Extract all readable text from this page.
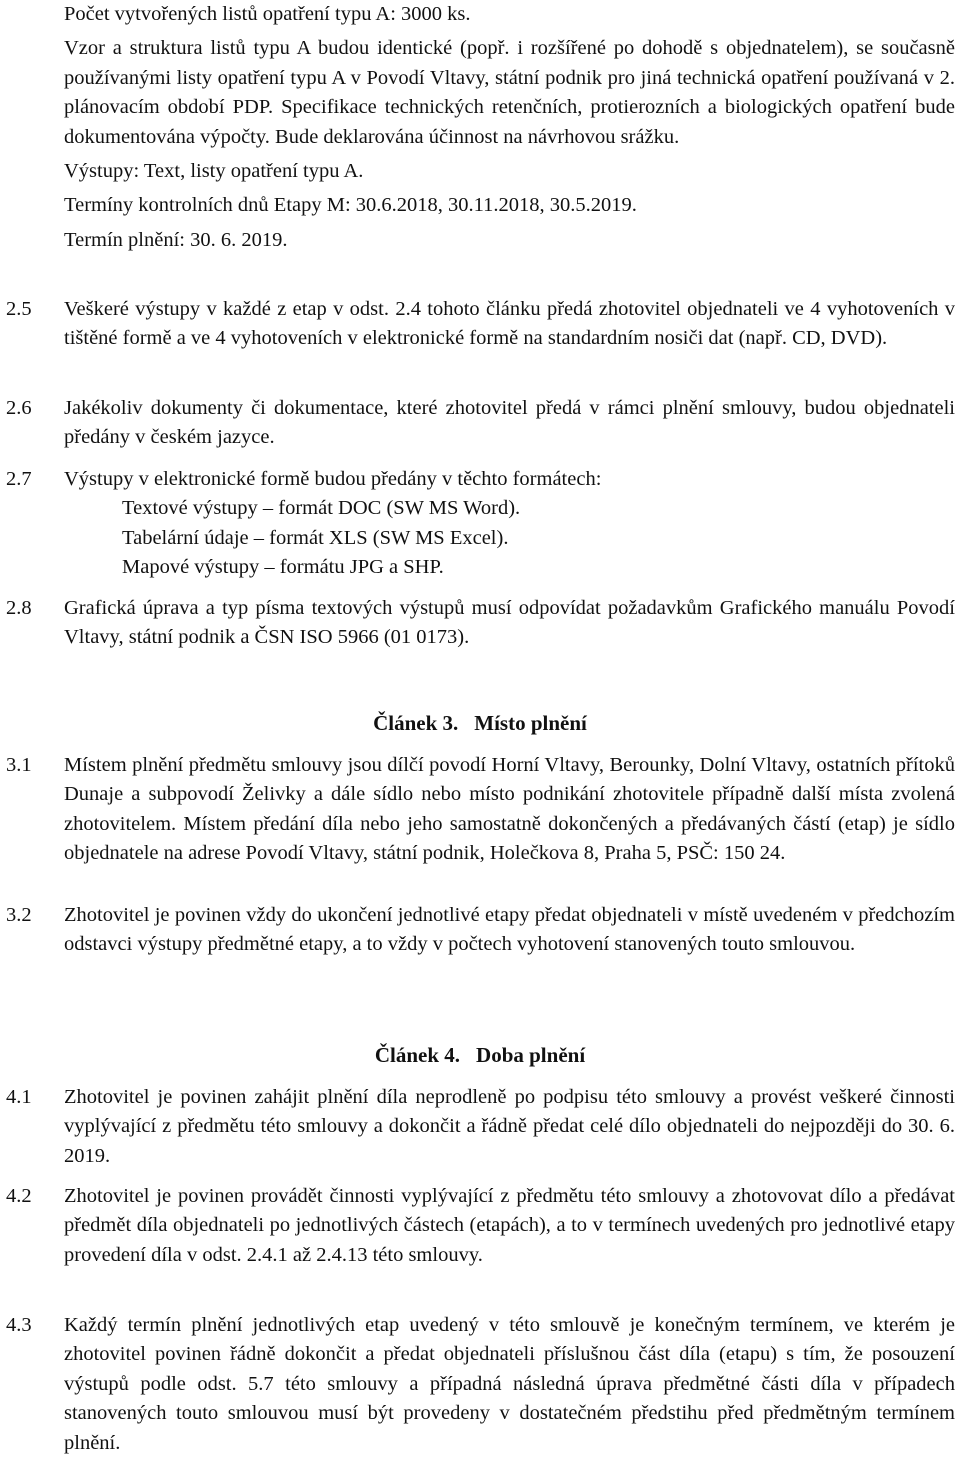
Počet vytvořených listů opatření typu A: 3000 ks.

Vzor a struktura listů typu A budou identické (popř. i rozšířené po dohodě s objednatelem), se současně používanými listy opatření typu A v Povodí Vltavy, státní podnik pro jiná technická opatření používaná v 2. plánovacím období PDP. Specifikace technických retenčních, protierozních a biologických opatření bude dokumentována výpočty. Bude deklarována účinnost na návrhovou srážku.

Výstupy: Text, listy opatření typu A.

Termíny kontrolních dnů Etapy M: 30.6.2018, 30.11.2018, 30.5.2019.

Termín plnění: 30. 6. 2019.

2.5 Veškeré výstupy v každé z etap v odst. 2.4 tohoto článku předá zhotovitel objednateli ve 4 vyhotoveních v tištěné formě a ve 4 vyhotoveních v elektronické formě na standardním nosiči dat (např. CD, DVD).

2.6 Jakékoliv dokumenty či dokumentace, které zhotovitel předá v rámci plnění smlouvy, budou objednateli předány v českém jazyce.

2.7 Výstupy v elektronické formě budou předány v těchto formátech:

Textové výstupy – formát DOC (SW MS Word).

Tabelární údaje – formát XLS (SW MS Excel).

Mapové výstupy – formátu JPG a SHP.

2.8 Grafická úprava a typ písma textových výstupů musí odpovídat požadavkům Grafického manuálu Povodí Vltavy, státní podnik a ČSN ISO 5966 (01 0173).

Článek 3. Místo plnění
3.1 Místem plnění předmětu smlouvy jsou dílčí povodí Horní Vltavy, Berounky, Dolní Vltavy, ostatních přítoků Dunaje a subpovodí Želivky a dále sídlo nebo místo podnikání zhotovitele případně další místa zvolená zhotovitelem. Místem předání díla nebo jeho samostatně dokončených a předávaných částí (etap) je sídlo objednatele na adrese Povodí Vltavy, státní podnik, Holečkova 8, Praha 5, PSČ: 150 24.

3.2 Zhotovitel je povinen vždy do ukončení jednotlivé etapy předat objednateli v místě uvedeném v předchozím odstavci výstupy předmětné etapy, a to vždy v počtech vyhotovení stanovených touto smlouvou.

Článek 4. Doba plnění
4.1 Zhotovitel je povinen zahájit plnění díla neprodleně po podpisu této smlouvy a provést veškeré činnosti vyplývající z předmětu této smlouvy a dokončit a řádně předat celé dílo objednateli do nejpozději do 30. 6. 2019.

4.2 Zhotovitel je povinen provádět činnosti vyplývající z předmětu této smlouvy a zhotovovat dílo a předávat předmět díla objednateli po jednotlivých částech (etapách), a to v termínech uvedených pro jednotlivé etapy provedení díla v odst. 2.4.1 až 2.4.13 této smlouvy.

4.3 Každý termín plnění jednotlivých etap uvedený v této smlouvě je konečným termínem, ve kterém je zhotovitel povinen řádně dokončit a předat objednateli příslušnou část díla (etapu) s tím, že posouzení výstupů podle odst. 5.7 této smlouvy a případná následná úprava předmětné části díla v případech stanovených touto smlouvou musí být provedeny v dostatečném předstihu před předmětným termínem plnění.
